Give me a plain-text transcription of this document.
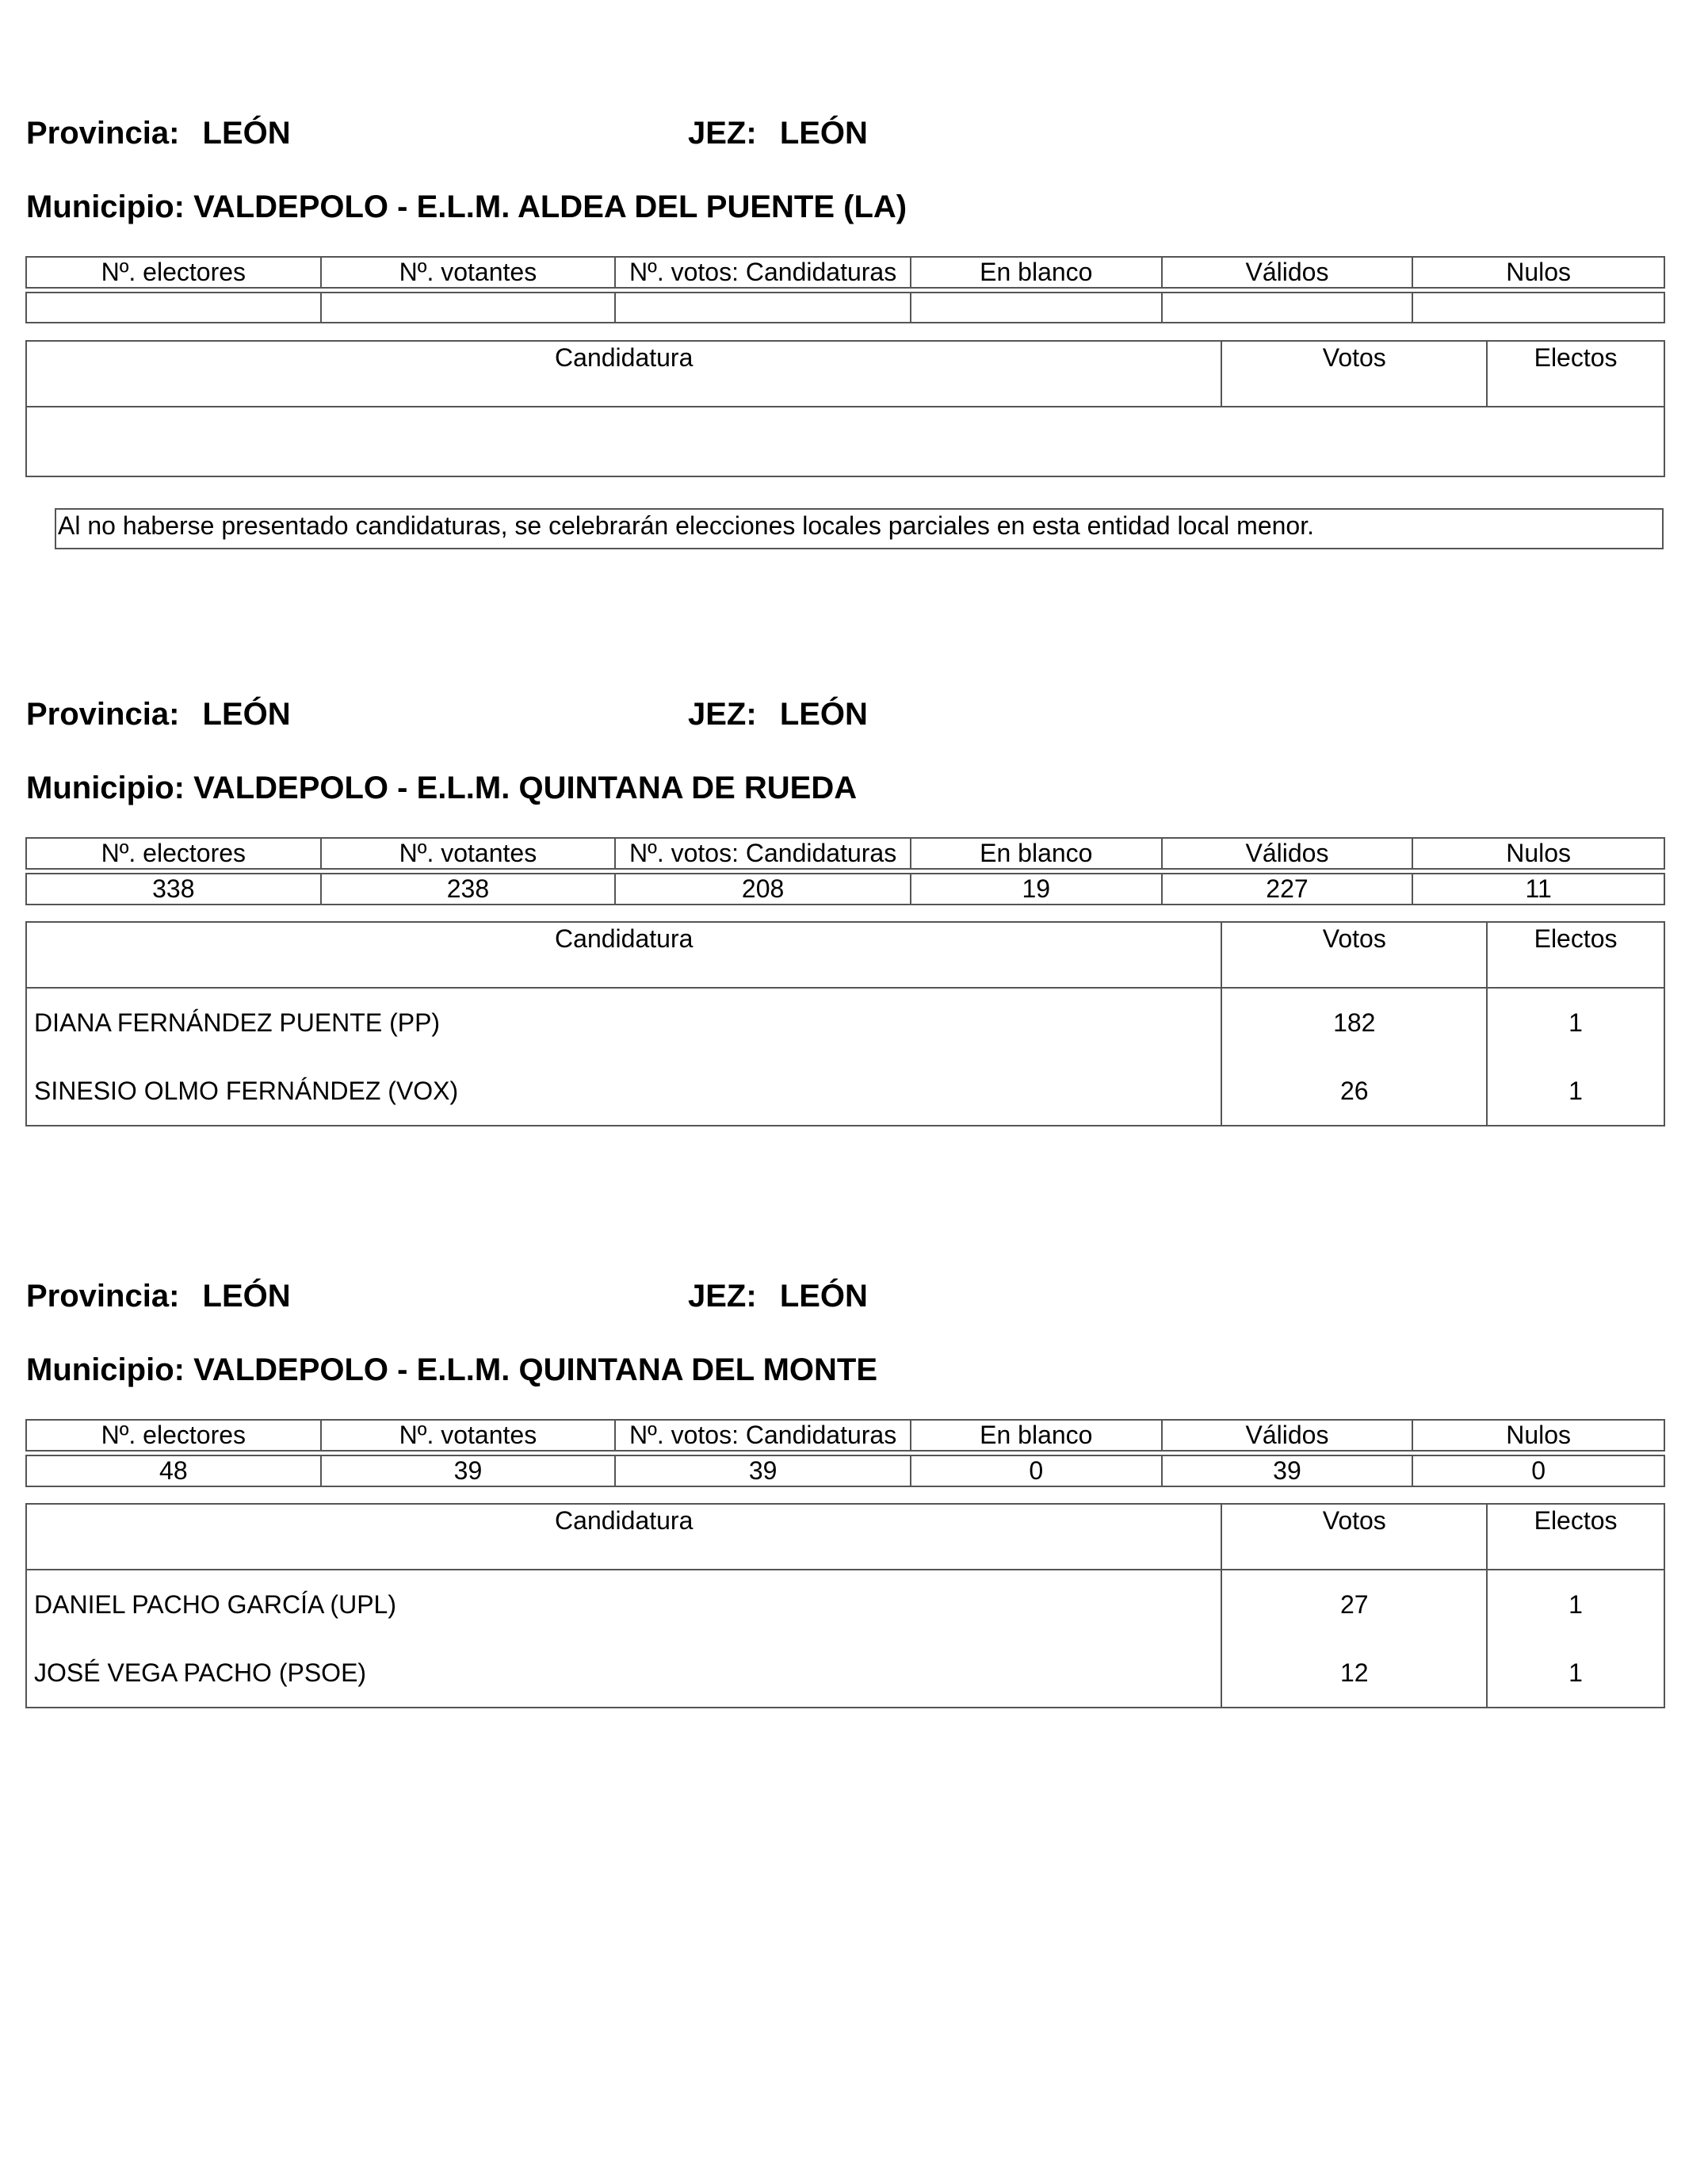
Provincia: LEÓN	JEZ: LEÓN
Municipio: VALDEPOLO - E.L.M. ALDEA DEL PUENTE (LA)
Nº. electores	Nº. votantes	Nº. votos: Candidaturas	En blanco	Válidos	Nulos

Candidatura	Votos	Electos

Al no haberse presentado candidaturas, se celebrarán elecciones locales parciales en esta entidad local menor.
Provincia: LEÓN	JEZ: LEÓN
Municipio: VALDEPOLO - E.L.M. QUINTANA DE RUEDA
Nº. electores	Nº. votantes	Nº. votos: Candidaturas	En blanco	Válidos	Nulos

338	238	208	19	227	11
Candidatura	Votos	Electos
DIANA FERNÁNDEZ PUENTE (PP)	182	1
SINESIO OLMO FERNÁNDEZ (VOX)	26	1
Provincia: LEÓN	JEZ: LEÓN
Municipio: VALDEPOLO - E.L.M. QUINTANA DEL MONTE
Nº. electores	Nº. votantes	Nº. votos: Candidaturas	En blanco	Válidos	Nulos

48	39	39	0	39	0
Candidatura	Votos	Electos
DANIEL PACHO GARCÍA (UPL)	27	1
JOSÉ VEGA PACHO (PSOE)	12	1
